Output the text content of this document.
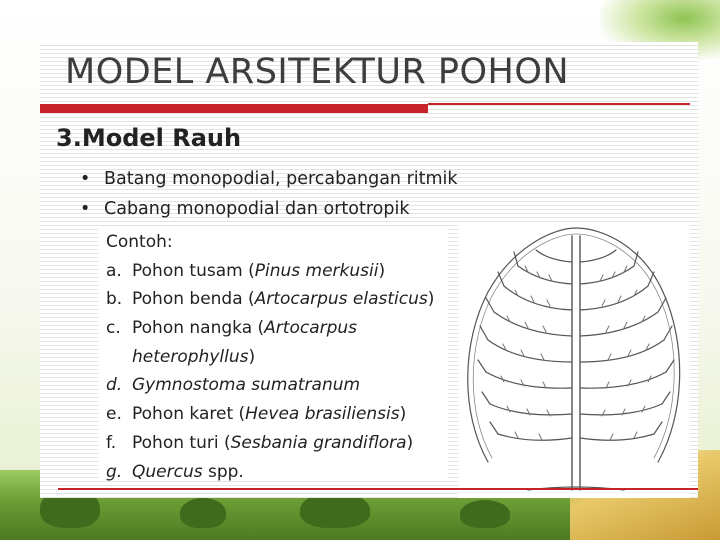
MODEL ARSITEKTUR POHON
3.Model Rauh
• Batang monopodial, percabangan ritmik
• Cabang monopodial dan ortotropik
Contoh:
a. Pohon tusam (Pinus merkusii)
b. Pohon benda (Artocarpus elasticus)
c. Pohon nangka (Artocarpus
heterophyllus)
d. Gymnostoma sumatranum
e. Pohon karet (Hevea brasiliensis)
f. Pohon turi (Sesbania grandiflora)
g. Quercus spp.
